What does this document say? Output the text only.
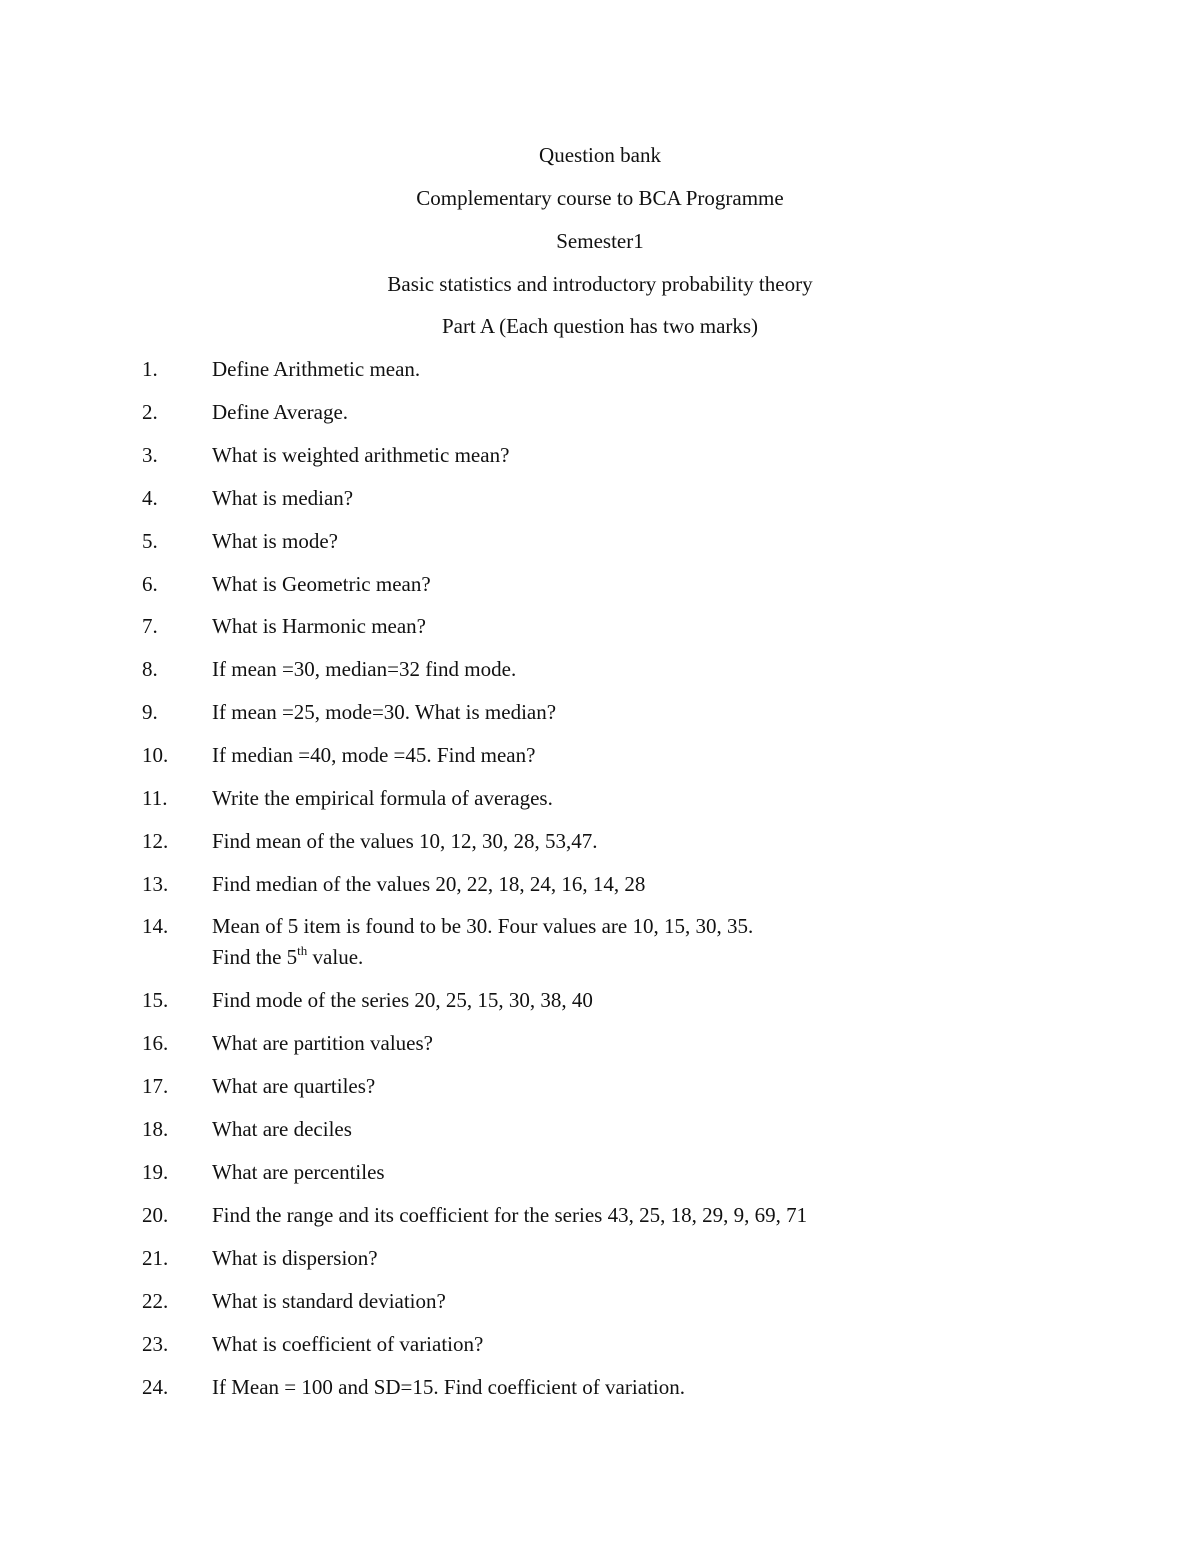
Question bank
Complementary course to BCA Programme
Semester1
Basic statistics and introductory probability theory
Part A (Each question has two marks)
1.	Define Arithmetic mean.
2.	Define Average.
3.	What is weighted arithmetic mean?
4.	What is median?
5.	What is mode?
6.	What is Geometric mean?
7.	What is Harmonic mean?
8.	If mean =30, median=32 find mode.
9.	If mean =25, mode=30. What is median?
10. If median =40, mode =45. Find mean?
11. Write the empirical formula of averages.
12. Find mean of the values 10, 12, 30, 28, 53,47.
13. Find median of the values 20, 22, 18, 24, 16, 14, 28
14. Mean of 5 item is found to be 30. Four values are 10, 15, 30, 35.
Find the 5th value.
15. Find mode of the series 20, 25, 15, 30, 38, 40
16. What are partition values?
17. What are quartiles?
18. What are deciles
19. What are percentiles
20. Find the range and its coefficient for the series 43, 25, 18, 29, 9, 69, 71
21. What is dispersion?
22. What is standard deviation?
23. What is coefficient of variation?
24. If Mean = 100 and SD=15. Find coefficient of variation.
